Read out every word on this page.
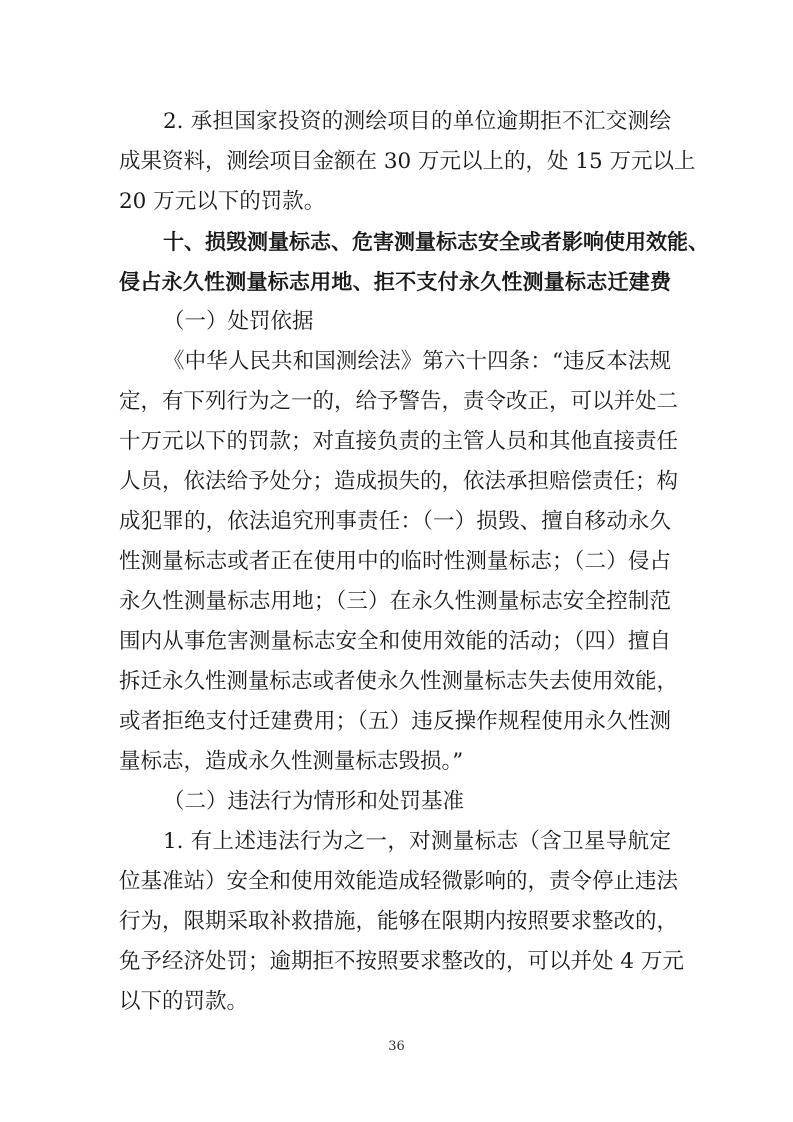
2. 承担国家投资的测绘项目的单位逾期拒不汇交测绘
成果资料，测绘项目金额在 30 万元以上的，处 15 万元以上
20 万元以下的罚款。
十、损毁测量标志、危害测量标志安全或者影响使用效能、
侵占永久性测量标志用地、拒不支付永久性测量标志迁建费
（一）处罚依据
《中华人民共和国测绘法》第六十四条：“违反本法规
定，有下列行为之一的，给予警告，责令改正，可以并处二
十万元以下的罚款；对直接负责的主管人员和其他直接责任
人员，依法给予处分；造成损失的，依法承担赔偿责任；构
成犯罪的，依法追究刑事责任：（一）损毁、擅自移动永久
性测量标志或者正在使用中的临时性测量标志；（二）侵占
永久性测量标志用地；（三）在永久性测量标志安全控制范
围内从事危害测量标志安全和使用效能的活动；（四）擅自
拆迁永久性测量标志或者使永久性测量标志失去使用效能，
或者拒绝支付迁建费用；（五）违反操作规程使用永久性测
量标志，造成永久性测量标志毁损。”
（二）违法行为情形和处罚基准
1. 有上述违法行为之一，对测量标志（含卫星导航定
位基准站）安全和使用效能造成轻微影响的，责令停止违法
行为，限期采取补救措施，能够在限期内按照要求整改的，
免予经济处罚；逾期拒不按照要求整改的，可以并处 4 万元
以下的罚款。
36
